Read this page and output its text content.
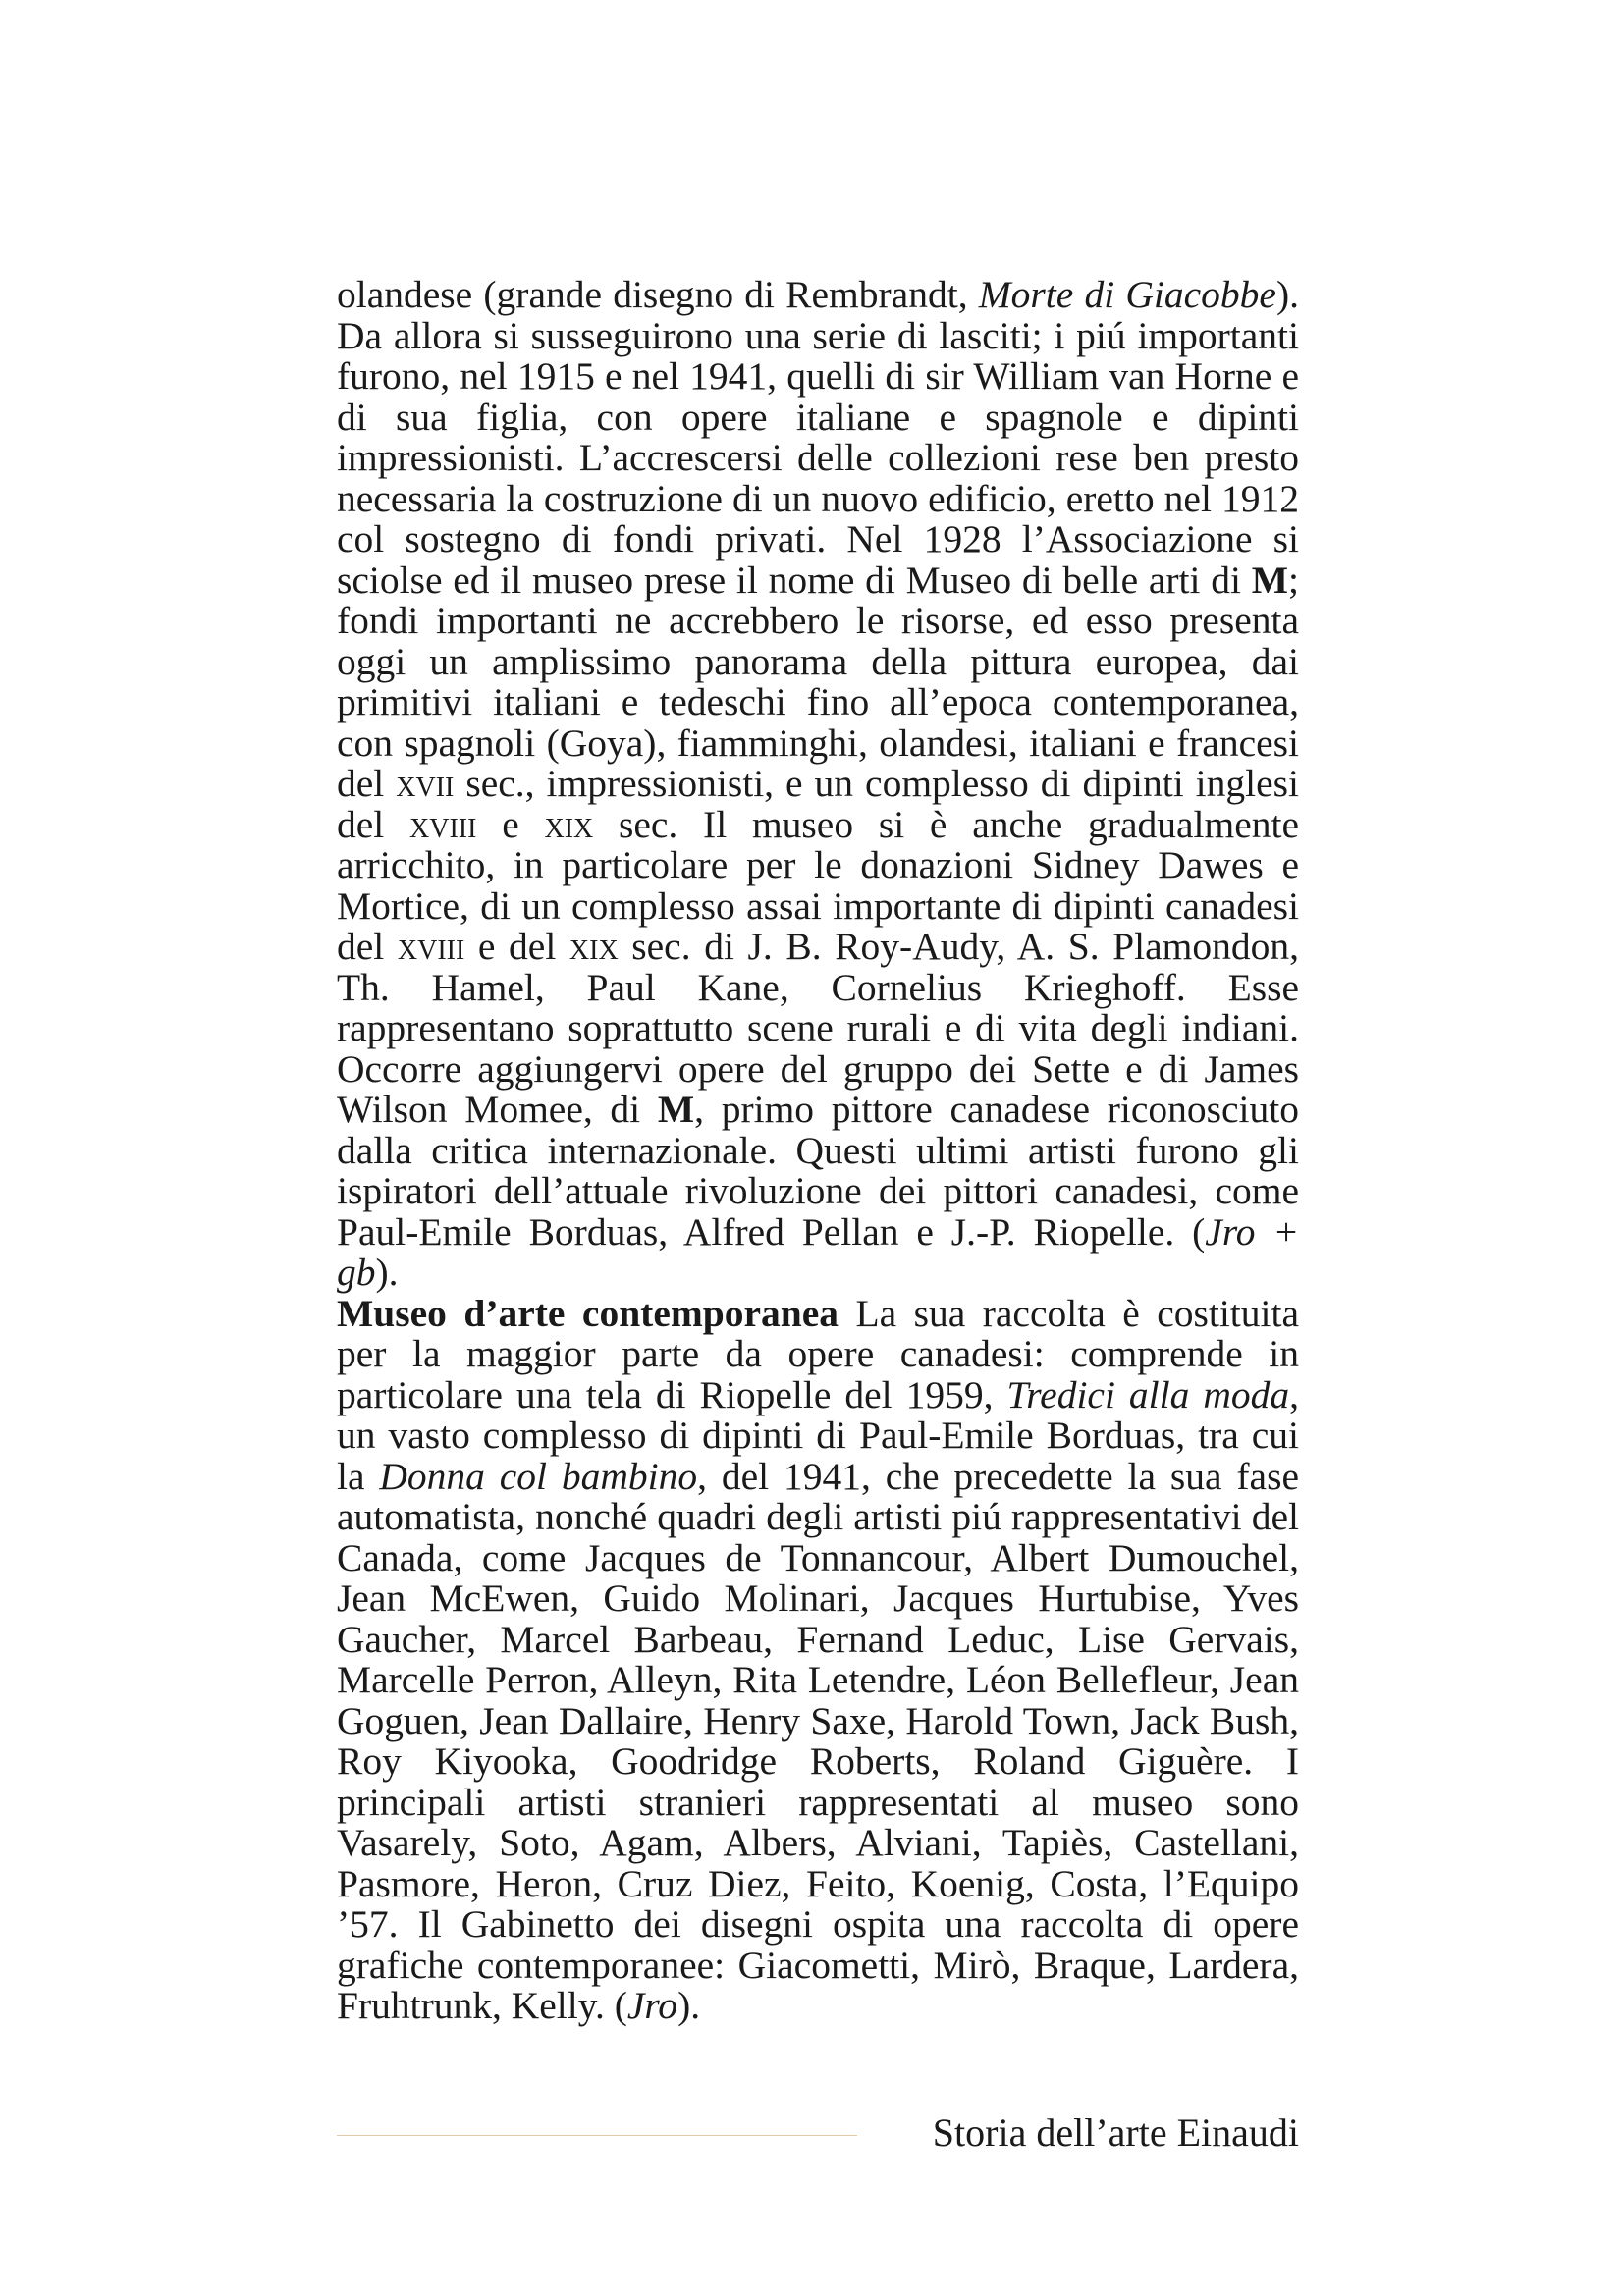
olandese (grande disegno di Rembrandt, Morte di Giacobbe). Da allora si susseguirono una serie di lasciti; i piú importanti furono, nel 1915 e nel 1941, quelli di sir William van Horne e di sua figlia, con opere italiane e spagnole e dipinti impressionisti. L’accrescersi delle collezioni rese ben presto necessaria la costruzione di un nuovo edificio, eretto nel 1912 col sostegno di fondi privati. Nel 1928 l’Associazione si sciolse ed il museo prese il nome di Museo di belle arti di M; fondi importanti ne accrebbero le risorse, ed esso presenta oggi un amplissimo panorama della pittura europea, dai primitivi italiani e tedeschi fino all’epoca contemporanea, con spagnoli (Goya), fiamminghi, olandesi, italiani e francesi del xvii sec., impressionisti, e un complesso di dipinti inglesi del xviii e xix sec. Il museo si è anche gradualmente arricchito, in particolare per le donazioni Sidney Dawes e Mortice, di un complesso assai importante di dipinti canadesi del xviii e del xix sec. di J. B. Roy-Audy, A. S. Plamondon, Th. Hamel, Paul Kane, Cornelius Krieghoff. Esse rappresentano soprattutto scene rurali e di vita degli indiani. Occorre aggiungervi opere del gruppo dei Sette e di James Wilson Momee, di M, primo pittore canadese riconosciuto dalla critica internazionale. Questi ultimi artisti furono gli ispiratori dell’attuale rivoluzione dei pittori canadesi, come Paul-Emile Borduas, Alfred Pellan e J.-P. Riopelle. (Jro + gb).

Museo d’arte contemporanea La sua raccolta è costituita per la maggior parte da opere canadesi: comprende in particolare una tela di Riopelle del 1959, Tredici alla moda, un vasto complesso di dipinti di Paul-Emile Borduas, tra cui la Donna col bambino, del 1941, che precedette la sua fase automatista, nonché quadri degli artisti piú rappresentativi del Canada, come Jacques de Tonnancour, Albert Dumouchel, Jean McEwen, Guido Molinari, Jacques Hurtubise, Yves Gaucher, Marcel Barbeau, Fernand Leduc, Lise Gervais, Marcelle Perron, Alleyn, Rita Letendre, Léon Bellefleur, Jean Goguen, Jean Dallaire, Henry Saxe, Harold Town, Jack Bush, Roy Kiyooka, Goodridge Roberts, Roland Giguère. I principali artisti stranieri rappresentati al museo sono Vasarely, Soto, Agam, Albers, Alviani, Tapiès, Castellani, Pasmore, Heron, Cruz Diez, Feito, Koenig, Costa, l’Equipo ’57. Il Gabinetto dei disegni ospita una raccolta di opere grafiche contemporanee: Giacometti, Mirò, Braque, Lardera, Fruhtrunk, Kelly. (Jro).

Storia dell’arte Einaudi
